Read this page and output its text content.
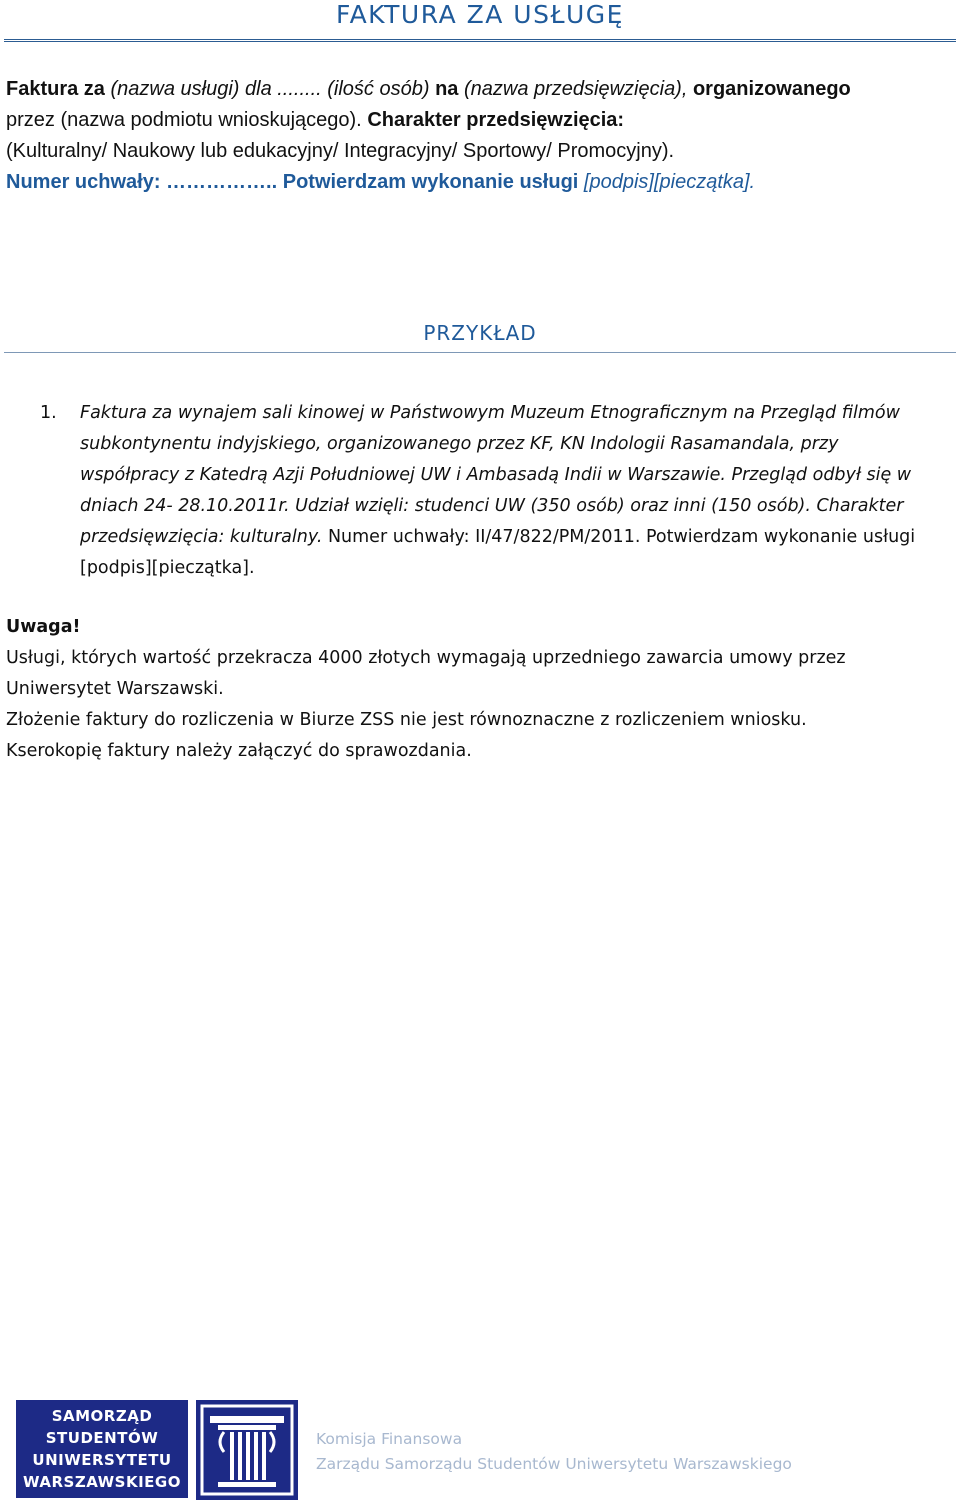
FAKTURA ZA USŁUGĘ
Faktura za (nazwa usługi) dla ........ (ilość osób) na (nazwa przedsięwzięcia), organizowanego
przez (nazwa podmiotu wnioskującego). Charakter przedsięwzięcia:
(Kulturalny/ Naukowy lub edukacyjny/ Integracyjny/ Sportowy/ Promocyjny).
Numer uchwały: …………….. Potwierdzam wykonanie usługi [podpis][pieczątka].
PRZYKŁAD
1. Faktura za wynajem sali kinowej w Państwowym Muzeum Etnograficznym na Przegląd filmów subkontynentu indyjskiego, organizowanego przez KF, KN Indologii Rasamandala, przy współpracy z Katedrą Azji Południowej UW i Ambasadą Indii w Warszawie. Przegląd odbył się w dniach 24- 28.10.2011r. Udział wzięli: studenci UW (350 osób) oraz inni (150 osób). Charakter przedsięwzięcia: kulturalny. Numer uchwały: II/47/822/PM/2011. Potwierdzam wykonanie usługi [podpis][pieczątka].
Uwaga!

Usługi, których wartość przekracza 4000 złotych wymagają uprzedniego zawarcia umowy przez Uniwersytet Warszawski.

Złożenie faktury do rozliczenia w Biurze ZSS nie jest równoznaczne z rozliczeniem wniosku.

Kserokopię faktury należy załączyć do sprawozdania.

SAMORZĄD
STUDENTÓW
UNIWERSYTETU
WARSZAWSKIEGO
Komisja Finansowa
Zarządu Samorządu Studentów Uniwersytetu Warszawskiego
